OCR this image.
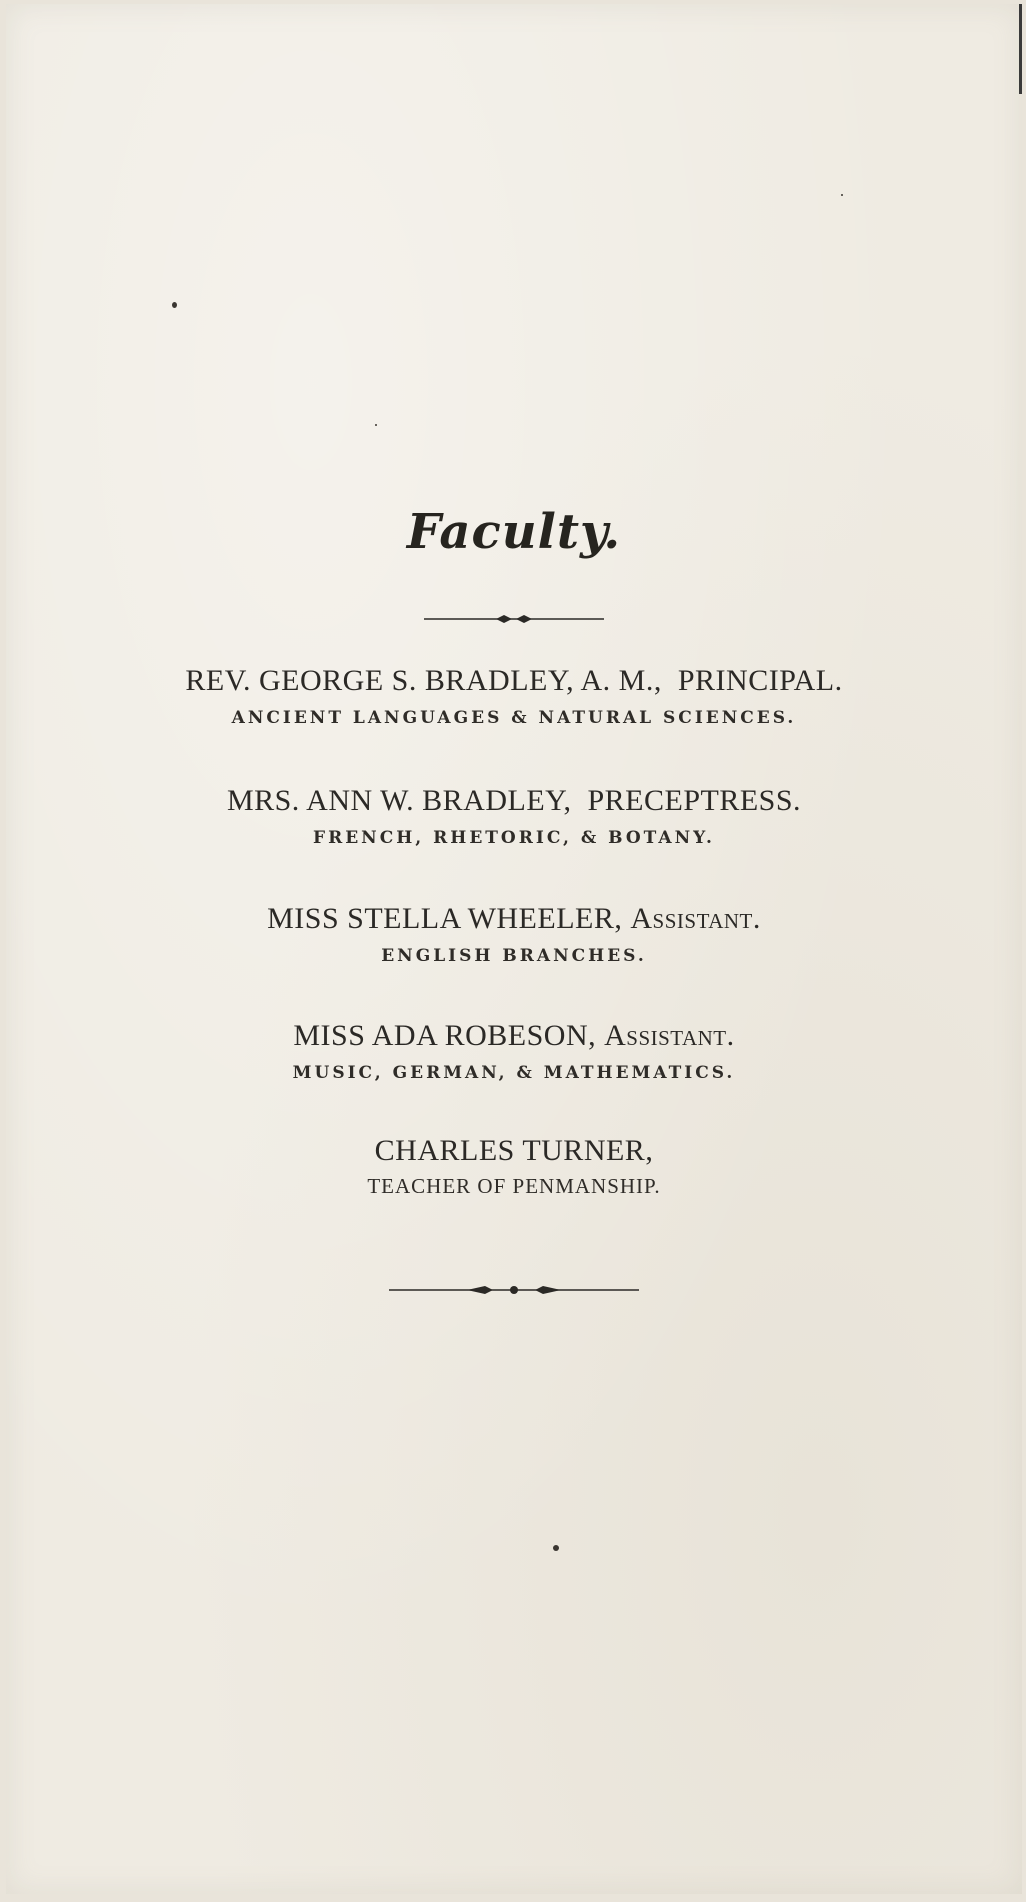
Faculty.
REV. GEORGE S. BRADLEY, A. M., PRINCIPAL.
ANCIENT LANGUAGES & NATURAL SCIENCES.
MRS. ANN W. BRADLEY, PRECEPTRESS.
FRENCH, RHETORIC, & BOTANY.
MISS STELLA WHEELER, Assistant.
ENGLISH BRANCHES.
MISS ADA ROBESON, Assistant.
MUSIC, GERMAN, & MATHEMATICS.
CHARLES TURNER,
TEACHER OF PENMANSHIP.
